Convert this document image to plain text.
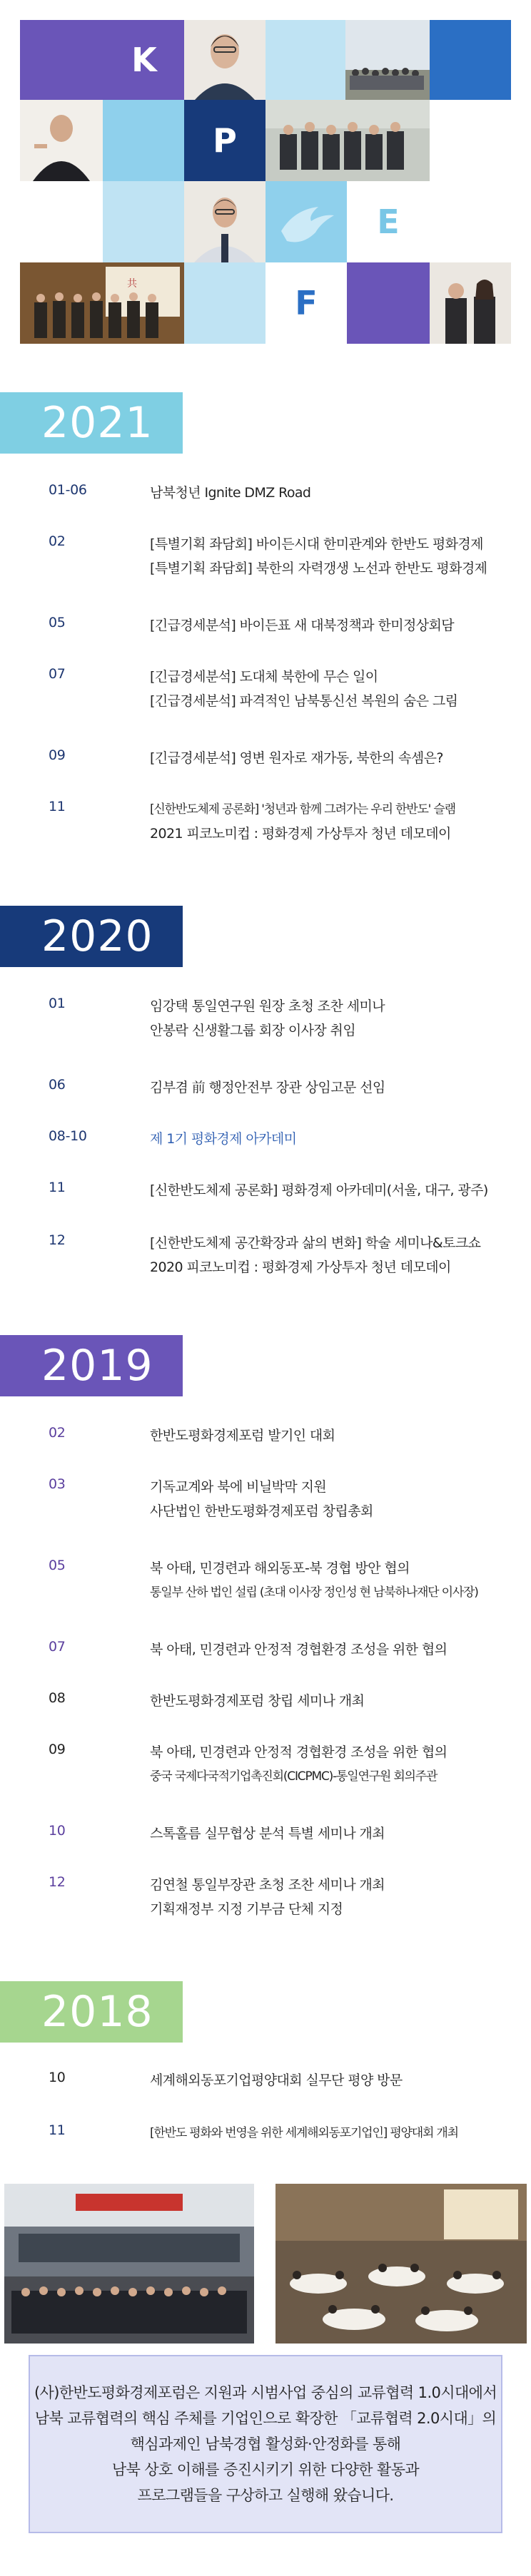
K
P
E
共	F
2021
01-06	남북청년 Ignite DMZ Road
02	[특별기획 좌담회] 바이든시대 한미관계와 한반도 평화경제
[특별기획 좌담회] 북한의 자력갱생 노선과 한반도 평화경제
05	[긴급경세분석] 바이든표 새 대북정책과 한미정상회담
07	[긴급경세분석] 도대체 북한에 무슨 일이
[긴급경세분석] 파격적인 남북통신선 복원의 숨은 그림
09	[긴급경세분석] 영변 원자로 재가동, 북한의 속셈은?
11	[신한반도체제 공론화] '청년과 함께 그려가는 우리 한반도' 슬램
2021 피코노미컵 : 평화경제 가상투자 청년 데모데이
2020
01	임강택 통일연구원 원장 초청 조찬 세미나
안봉락 신생활그룹 회장 이사장 취임
06	김부겸 前 행정안전부 장관 상임고문 선임
08-10	제 1기 평화경제 아카데미
11	[신한반도체제 공론화] 평화경제 아카데미(서울, 대구, 광주)
12	[신한반도체제 공간확장과 삶의 변화] 학술 세미나&토크쇼
2020 피코노미컵 : 평화경제 가상투자 청년 데모데이
2019
02	한반도평화경제포럼 발기인 대회
03	기독교계와 북에 비닐박막 지원
사단법인 한반도평화경제포럼 창립총회
05	북 아태, 민경련과 해외동포-북 경협 방안 협의
통일부 산하 법인 설립 (초대 이사장 정인성 현 남북하나재단 이사장)
07	북 아태, 민경련과 안정적 경협환경 조성을 위한 협의
08	한반도평화경제포럼 창립 세미나 개최
09	북 아태, 민경련과 안정적 경협환경 조성을 위한 협의
중국 국제다국적기업촉진회(CICPMC)-통일연구원 회의주관
10	스톡홀름 실무협상 분석 특별 세미나 개최
12	김연철 통일부장관 초청 조찬 세미나 개최
기획재정부 지정 기부금 단체 지정
2018
10	세계해외동포기업평양대회 실무단 평양 방문
11	[한반도 평화와 번영을 위한 세계해외동포기업인] 평양대회 개최
(사)한반도평화경제포럼은 지원과 시범사업 중심의 교류협력 1.0시대에서
남북 교류협력의 핵심 주체를 기업인으로 확장한 「교류협력 2.0시대」의
핵심과제인 남북경협 활성화·안정화를 통해
남북 상호 이해를 증진시키기 위한 다양한 활동과
프로그램들을 구상하고 실행해 왔습니다.
